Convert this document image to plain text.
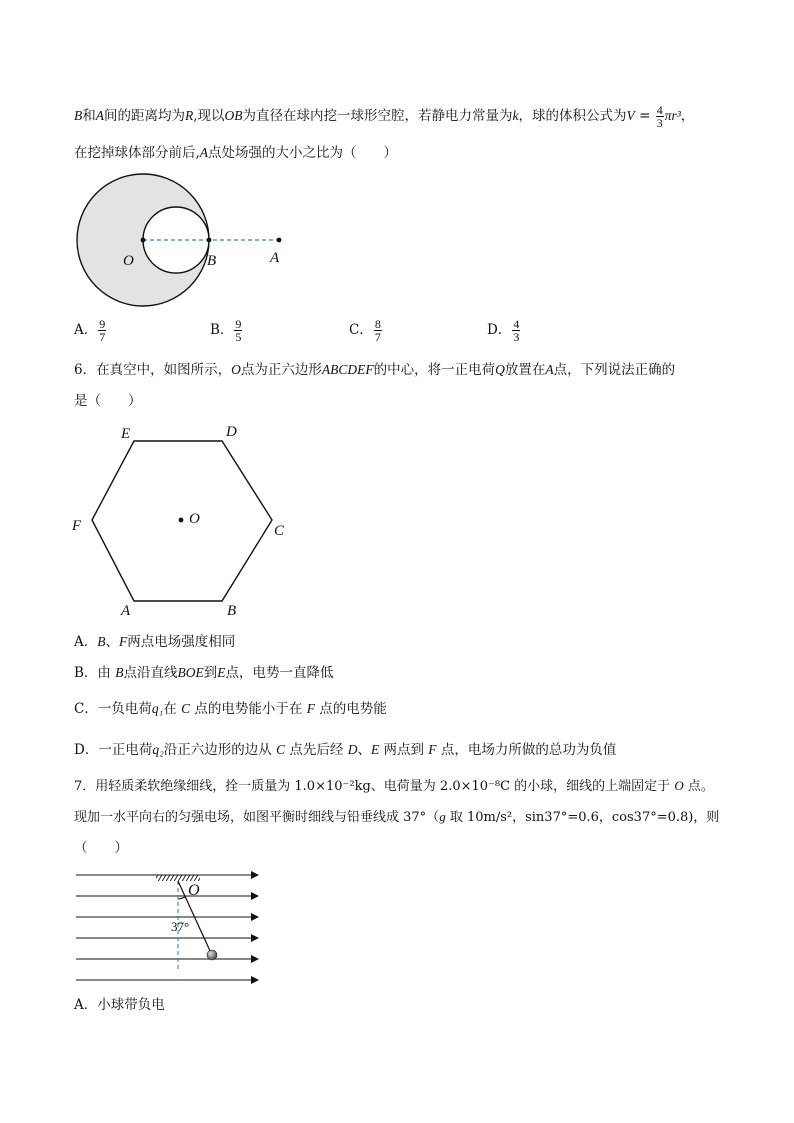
B和A间的距离均为R,现以OB为直径在球内挖一球形空腔，若静电力常量为k，球的体积公式为$V = \frac{4}{3} \pi r^3$，
在挖掉球体部分前后,A点处场强的大小之比为（　　）
O	B	A
A． $\frac{9}{7}$	B． $\frac{9}{5}$	C． $\frac{8}{7}$	D． $\frac{4}{3}$
6．在真空中，如图所示，O点为正六边形ABCDEF的中心，将一正电荷Q放置在A点，下列说法正确的
是（　　）
E	D
F	C
O
A	B
A．B、F两点电场强度相同
B．由 B点沿直线BOE到E点，电势一直降低
C．一负电荷q₁在 C 点的电势能小于在 F 点的电势能
D．一正电荷q₂沿正六边形的边从 C 点先后经 D、E 两点到 F 点，电场力所做的总功为负值
7．用轻质柔软绝缘细线，拴一质量为 1.0×10⁻²kg、电荷量为 2.0×10⁻⁸C 的小球，细线的上端固定于 O 点。
现加一水平向右的匀强电场，如图平衡时细线与铅垂线成 37°（g 取 10m/s²，sin37°=0.6，cos37°=0.8)，则
（　　）
O
37°
A．小球带负电
